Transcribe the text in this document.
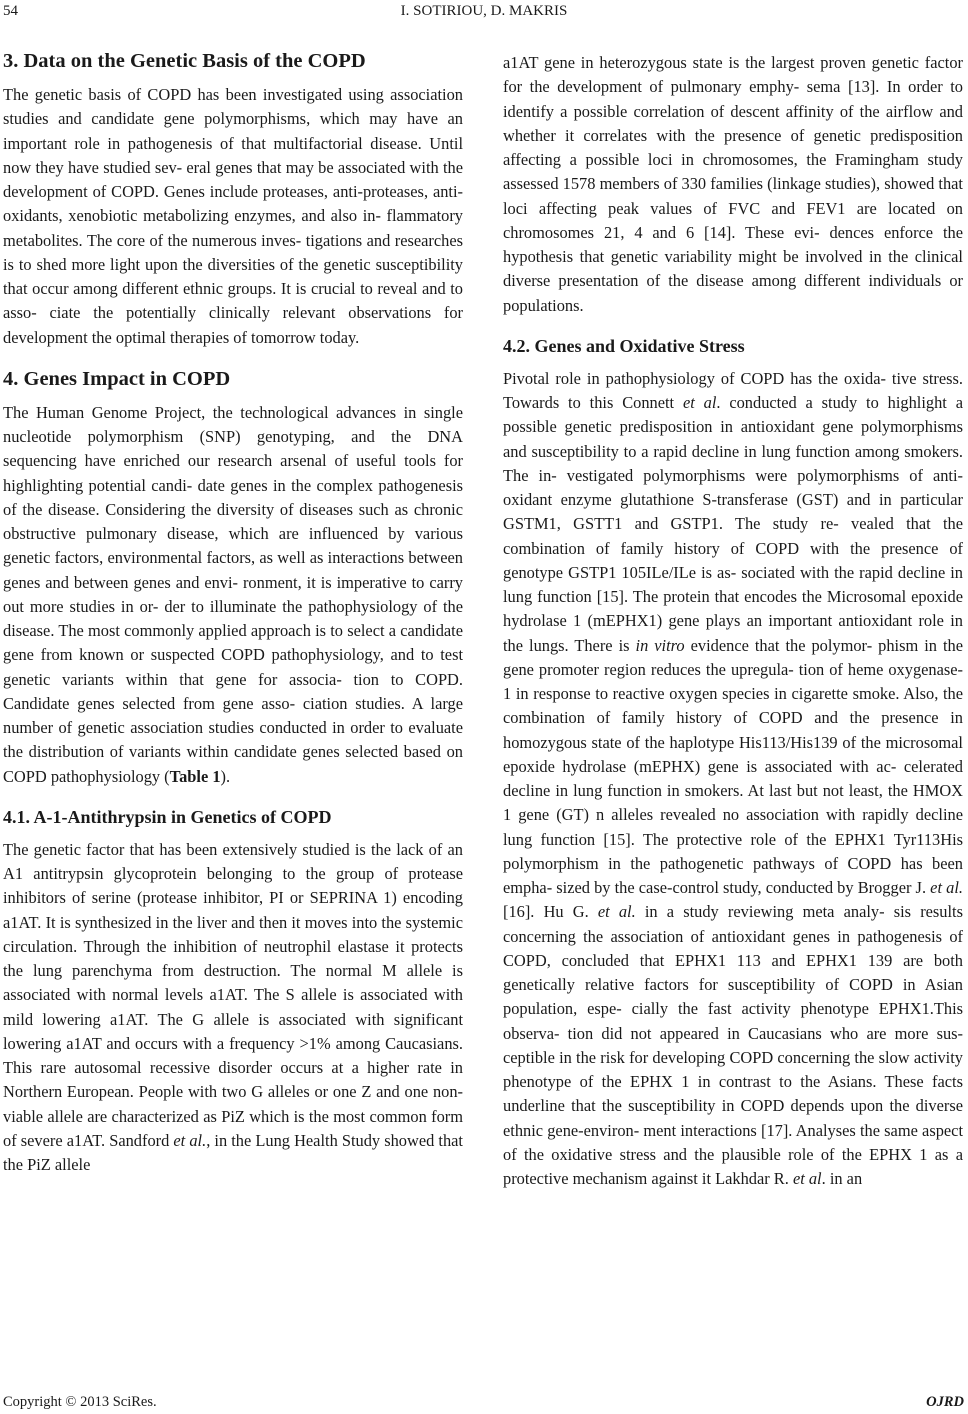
54	I. SOTIRIOU, D. MAKRIS
3. Data on the Genetic Basis of the COPD

The genetic basis of COPD has been investigated using association studies and candidate gene polymorphisms, which may have an important role in pathogenesis of that multifactorial disease. Until now they have studied sev- eral genes that may be associated with the development of COPD. Genes include proteases, anti-proteases, anti- oxidants, xenobiotic metabolizing enzymes, and also in- flammatory metabolites. The core of the numerous inves- tigations and researches is to shed more light upon the diversities of the genetic susceptibility that occur among different ethnic groups. It is crucial to reveal and to asso- ciate the potentially clinically relevant observations for development the optimal therapies of tomorrow today.

4. Genes Impact in COPD

The Human Genome Project, the technological advances in single nucleotide polymorphism (SNP) genotyping, and the DNA sequencing have enriched our research arsenal of useful tools for highlighting potential candi- date genes in the complex pathogenesis of the disease. Considering the diversity of diseases such as chronic obstructive pulmonary disease, which are influenced by various genetic factors, environmental factors, as well as interactions between genes and between genes and envi- ronment, it is imperative to carry out more studies in or- der to illuminate the pathophysiology of the disease. The most commonly applied approach is to select a candidate gene from known or suspected COPD pathophysiology, and to test genetic variants within that gene for associa- tion to COPD. Candidate genes selected from gene asso- ciation studies. A large number of genetic association studies conducted in order to evaluate the distribution of variants within candidate genes selected based on COPD pathophysiology (Table 1).

4.1. A-1-Antithrypsin in Genetics of COPD

The genetic factor that has been extensively studied is the lack of an A1 antitrypsin glycoprotein belonging to the group of protease inhibitors of serine (protease inhibitor, PI or SEPRINA 1) encoding a1AT. It is synthesized in the liver and then it moves into the systemic circulation. Through the inhibition of neutrophil elastase it protects the lung parenchyma from destruction. The normal M allele is associated with normal levels a1AT. The S allele is associated with mild lowering a1AT. The G allele is associated with significant lowering a1AT and occurs with a frequency >1% among Caucasians. This rare autosomal recessive disorder occurs at a higher rate in Northern European. People with two G alleles or one Z and one non-viable allele are characterized as PiZ which is the most common form of severe a1AT. Sandford et al., in the Lung Health Study showed that the PiZ allele

a1AT gene in heterozygous state is the largest proven genetic factor for the development of pulmonary emphy- sema [13]. In order to identify a possible correlation of descent affinity of the airflow and whether it correlates with the presence of genetic predisposition affecting a possible loci in chromosomes, the Framingham study assessed 1578 members of 330 families (linkage studies), showed that loci affecting peak values of FVC and FEV1 are located on chromosomes 21, 4 and 6 [14]. These evi- dences enforce the hypothesis that genetic variability might be involved in the clinical diverse presentation of the disease among different individuals or populations.

4.2. Genes and Oxidative Stress

Pivotal role in pathophysiology of COPD has the oxida- tive stress. Towards to this Connett et al. conducted a study to highlight a possible genetic predisposition in antioxidant gene polymorphisms and susceptibility to a rapid decline in lung function among smokers. The in- vestigated polymorphisms were polymorphisms of anti- oxidant enzyme glutathione S-transferase (GST) and in particular GSTM1, GSTT1 and GSTP1. The study re- vealed that the combination of family history of COPD with the presence of genotype GSTP1 105ILe/ILe is as- sociated with the rapid decline in lung function [15]. The protein that encodes the Microsomal epoxide hydrolase 1 (mEPHX1) gene plays an important antioxidant role in the lungs. There is in vitro evidence that the polymor- phism in the gene promoter region reduces the upregula- tion of heme oxygenase-1 in response to reactive oxygen species in cigarette smoke. Also, the combination of family history of COPD and the presence in homozygous state of the haplotype His113/His139 of the microsomal epoxide hydrolase (mEPHX) gene is associated with ac- celerated decline in lung function in smokers. At last but not least, the HMOX 1 gene (GT) n alleles revealed no association with rapidly decline lung function [15]. The protective role of the EPHX1 Tyr113His polymorphism in the pathogenetic pathways of COPD has been empha- sized by the case-control study, conducted by Brogger J. et al. [16]. Hu G. et al. in a study reviewing meta analy- sis results concerning the association of antioxidant genes in pathogenesis of COPD, concluded that EPHX1 113 and EPHX1 139 are both genetically relative factors for susceptibility of COPD in Asian population, espe- cially the fast activity phenotype EPHX1.This observa- tion did not appeared in Caucasians who are more sus- ceptible in the risk for developing COPD concerning the slow activity phenotype of the EPHX 1 in contrast to the Asians. These facts underline that the susceptibility in COPD depends upon the diverse ethnic gene-environ- ment interactions [17]. Analyses the same aspect of the oxidative stress and the plausible role of the EPHX 1 as a protective mechanism against it Lakhdar R. et al. in an

Copyright © 2013 SciRes.	OJRD
